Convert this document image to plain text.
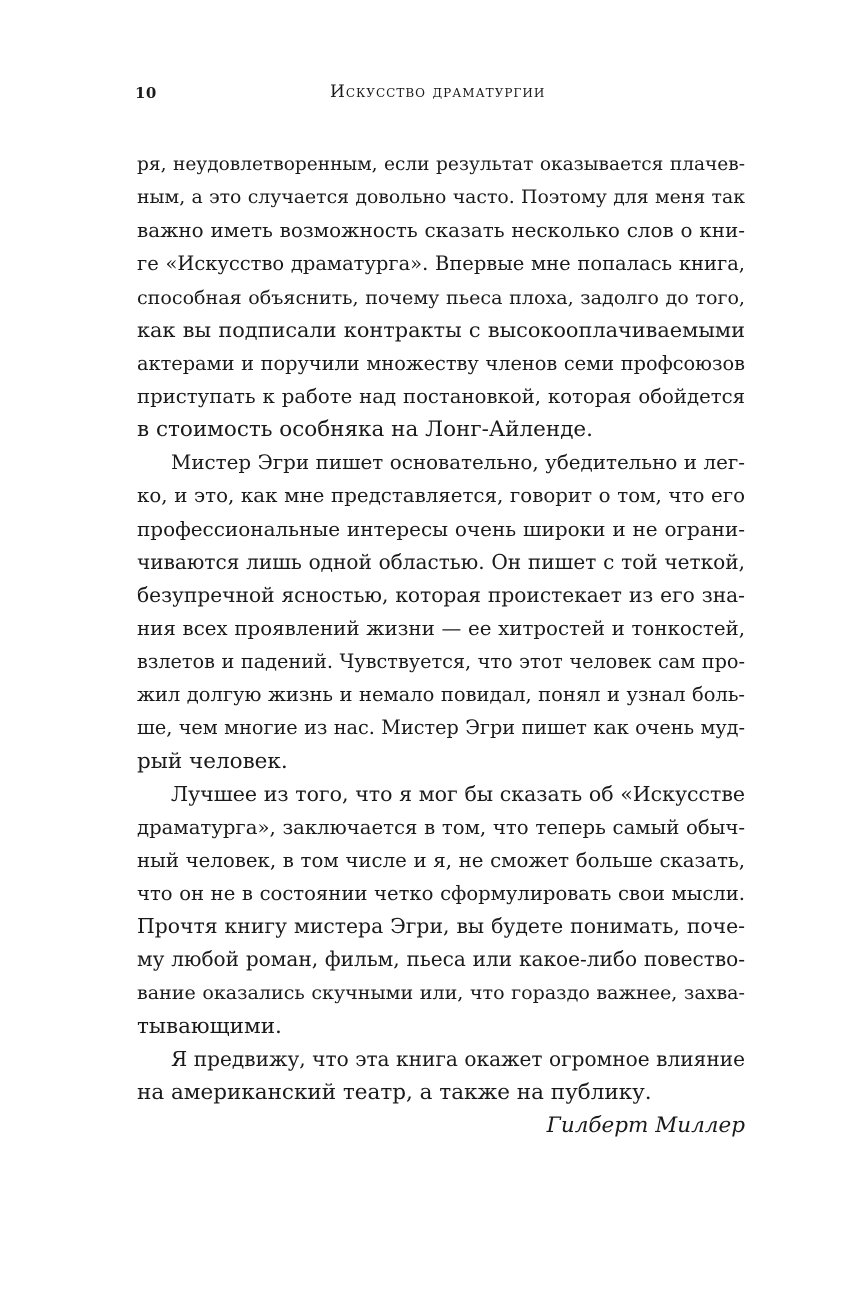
10	Искусство драматургии
ря, неудовлетворенным, если результат оказывается плачев-
ным, а это случается довольно часто. Поэтому для меня так
важно иметь возможность сказать несколько слов о кни-
ге «Искусство драматурга». Впервые мне попалась книга,
способная объяснить, почему пьеса плоха, задолго до того,
как вы подписали контракты с высокооплачиваемыми
актерами и поручили множеству членов семи профсоюзов
приступать к работе над постановкой, которая обойдется
в стоимость особняка на Лонг-Айленде.
Мистер Эгри пишет основательно, убедительно и лег-
ко, и это, как мне представляется, говорит о том, что его
профессиональные интересы очень широки и не ограни-
чиваются лишь одной областью. Он пишет с той четкой,
безупречной ясностью, которая проистекает из его зна-
ния всех проявлений жизни — ее хитростей и тонкостей,
взлетов и падений. Чувствуется, что этот человек сам про-
жил долгую жизнь и немало повидал, понял и узнал боль-
ше, чем многие из нас. Мистер Эгри пишет как очень муд-
рый человек.
Лучшее из того, что я мог бы сказать об «Искусстве
драматурга», заключается в том, что теперь самый обыч-
ный человек, в том числе и я, не сможет больше сказать,
что он не в состоянии четко сформулировать свои мысли.
Прочтя книгу мистера Эгри, вы будете понимать, поче-
му любой роман, фильм, пьеса или какое-либо повество-
вание оказались скучными или, что гораздо важнее, захва-
тывающими.
Я предвижу, что эта книга окажет огромное влияние
на американский театр, а также на публику.
Гилберт Миллер
